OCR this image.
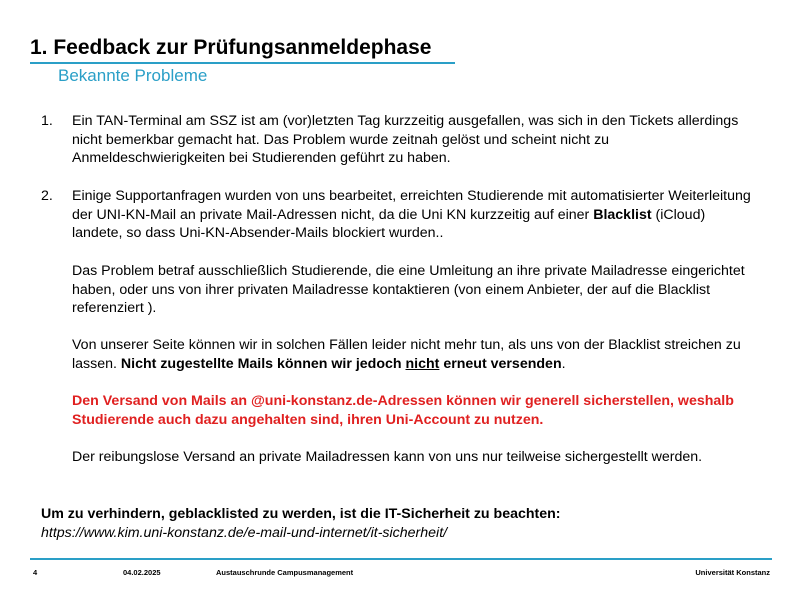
1. Feedback zur Prüfungsanmeldephase
Bekannte Probleme
1. Ein TAN-Terminal am SSZ ist am (vor)letzten Tag kurzzeitig ausgefallen, was sich in den Tickets allerdings nicht bemerkbar gemacht hat. Das Problem wurde zeitnah gelöst und scheint nicht zu Anmeldeschwierigkeiten bei Studierenden geführt zu haben.

2. Einige Supportanfragen wurden von uns bearbeitet, erreichten Studierende mit automatisierter Weiterleitung der UNI-KN-Mail an private Mail-Adressen nicht, da die Uni KN kurzzeitig auf einer Blacklist (iCloud) landete, so dass Uni-KN-Absender-Mails blockiert wurden..

Das Problem betraf ausschließlich Studierende, die eine Umleitung an ihre private Mailadresse eingerichtet haben, oder uns von ihrer privaten Mailadresse kontaktieren (von einem Anbieter, der auf die Blacklist referenziert ).

Von unserer Seite können wir in solchen Fällen leider nicht mehr tun, als uns von der Blacklist streichen zu lassen. Nicht zugestellte Mails können wir jedoch nicht erneut versenden.

Den Versand von Mails an @uni-konstanz.de-Adressen können wir generell sicherstellen, weshalb Studierende auch dazu angehalten sind, ihren Uni-Account zu nutzen.

Der reibungslose Versand an private Mailadressen kann von uns nur teilweise sichergestellt werden.

Um zu verhindern, geblacklisted zu werden, ist die IT-Sicherheit zu beachten:
https://www.kim.uni-konstanz.de/e-mail-und-internet/it-sicherheit/
4	04.02.2025	Austauschrunde Campusmanagement	Universität Konstanz
